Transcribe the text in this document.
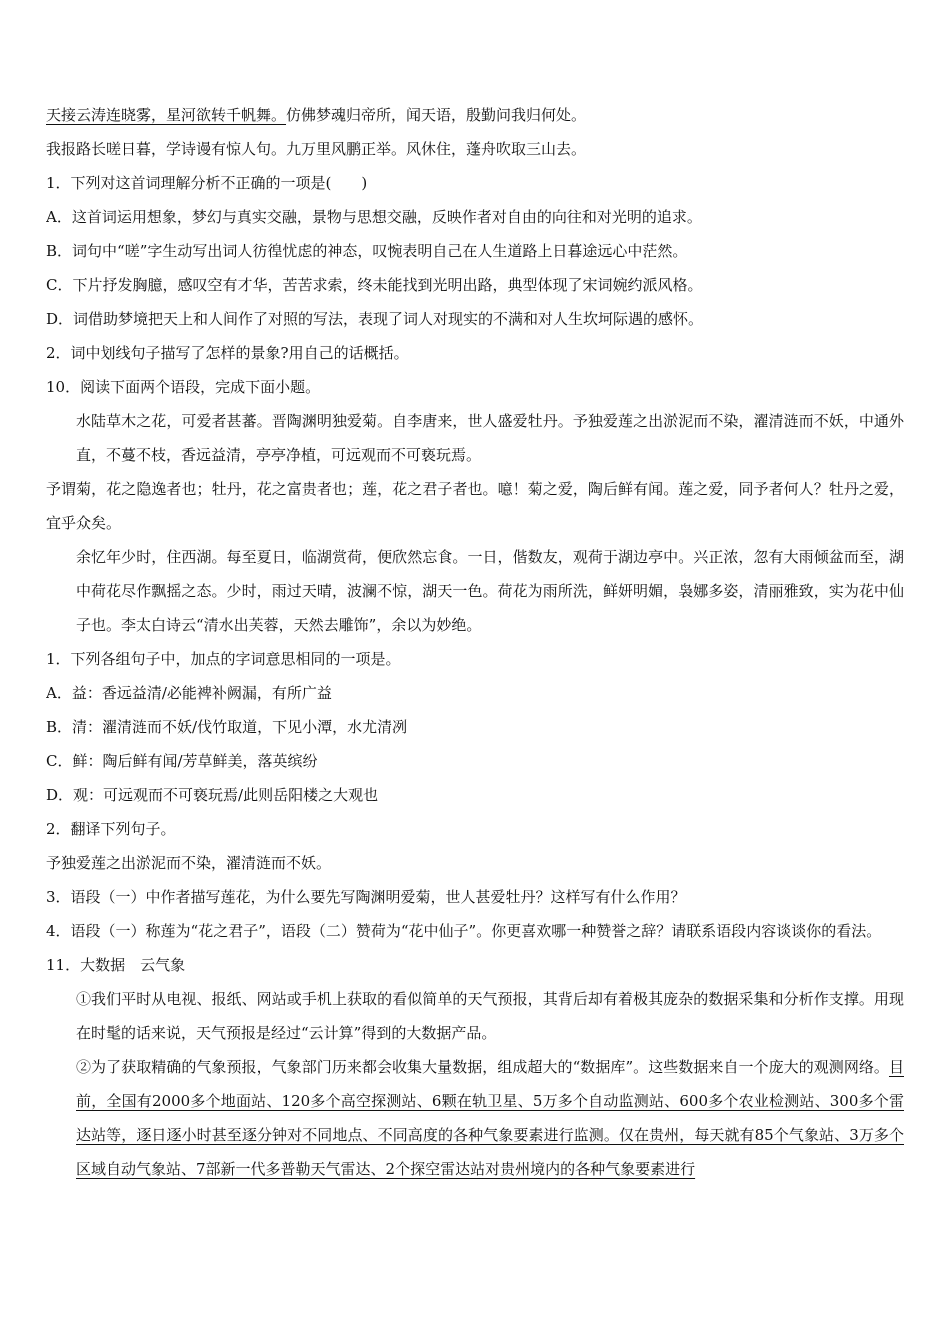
天接云涛连晓雾，星河欲转千帆舞。仿佛梦魂归帝所，闻天语，殷勤问我归何处。
我报路长嗟日暮，学诗谩有惊人句。九万里风鹏正举。风休住，蓬舟吹取三山去。
1．下列对这首词理解分析不正确的一项是(　　)
A．这首词运用想象，梦幻与真实交融，景物与思想交融，反映作者对自由的向往和对光明的追求。
B．词句中“嗟”字生动写出词人彷徨忧虑的神态，叹惋表明自己在人生道路上日暮途远心中茫然。
C．下片抒发胸臆，感叹空有才华，苦苦求索，终未能找到光明出路，典型体现了宋词婉约派风格。
D．词借助梦境把天上和人间作了对照的写法，表现了词人对现实的不满和对人生坎坷际遇的感怀。
2．词中划线句子描写了怎样的景象?用自己的话概括。
10．阅读下面两个语段，完成下面小题。
水陆草木之花，可爱者甚蕃。晋陶渊明独爱菊。自李唐来，世人盛爱牡丹。予独爱莲之出淤泥而不染，濯清涟而不妖，中通外直，不蔓不枝，香远益清，亭亭净植，可远观而不可亵玩焉。
予谓菊，花之隐逸者也；牡丹，花之富贵者也；莲，花之君子者也。噫！菊之爱，陶后鲜有闻。莲之爱，同予者何人？牡丹之爱，宜乎众矣。
余忆年少时，住西湖。每至夏日，临湖赏荷，便欣然忘食。一日，偕数友，观荷于湖边亭中。兴正浓，忽有大雨倾盆而至，湖中荷花尽作飘摇之态。少时，雨过天晴，波澜不惊，湖天一色。荷花为雨所洗，鲜妍明媚，袅娜多姿，清丽雅致，实为花中仙子也。李太白诗云“清水出芙蓉，天然去雕饰”，余以为妙绝。
1．下列各组句子中，加点的字词意思相同的一项是。
A．益：香远益清/必能裨补阙漏，有所广益
B．清：濯清涟而不妖/伐竹取道，下见小潭，水尤清冽
C．鲜：陶后鲜有闻/芳草鲜美，落英缤纷
D．观：可远观而不可亵玩焉/此则岳阳楼之大观也
2．翻译下列句子。
予独爱莲之出淤泥而不染，濯清涟而不妖。
3．语段（一）中作者描写莲花，为什么要先写陶渊明爱菊，世人甚爱牡丹？这样写有什么作用？
4．语段（一）称莲为“花之君子”，语段（二）赞荷为“花中仙子”。你更喜欢哪一种赞誉之辞？请联系语段内容谈谈你的看法。
11．大数据　云气象
①我们平时从电视、报纸、网站或手机上获取的看似简单的天气预报，其背后却有着极其庞杂的数据采集和分析作支撑。用现在时髦的话来说，天气预报是经过“云计算”得到的大数据产品。
②为了获取精确的气象预报，气象部门历来都会收集大量数据，组成超大的“数据库”。这些数据来自一个庞大的观测网络。目前，全国有2000多个地面站、120多个高空探测站、6颗在轨卫星、5万多个自动监测站、600多个农业检测站、300多个雷达站等，逐日逐小时甚至逐分钟对不同地点、不同高度的各种气象要素进行监测。仅在贵州，每天就有85个气象站、3万多个区域自动气象站、7部新一代多普勒天气雷达、2个探空雷达站对贵州境内的各种气象要素进行
